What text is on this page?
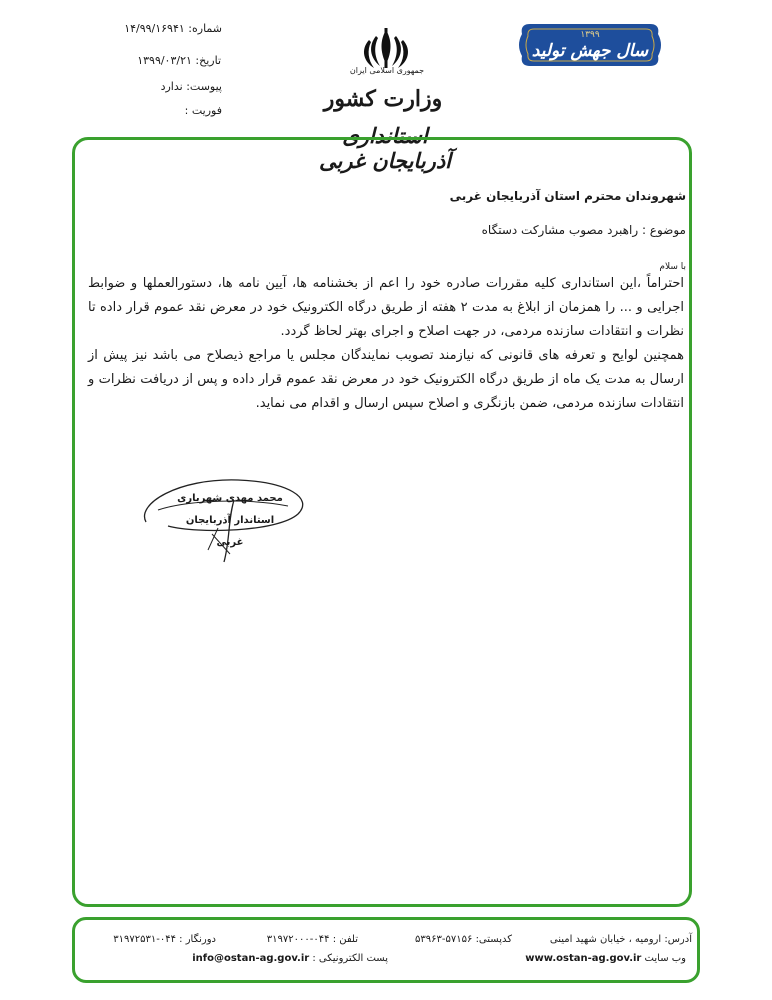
شماره: ۱۴/۹۹/۱۶۹۴۱
تاریخ: ۱۳۹۹/۰۳/۲۱
پیوست: ندارد
فوریت :
جمهوری اسلامی ایران
وزارت کشور
استانداری آذربایجان غربی
۱۳۹۹
سال جهش تولید
شهروندان محترم استان آذربایجان غربی
موضوع : راهبرد مصوب مشارکت دستگاه
با سلام
احتراماً ،این استانداری کلیه مقررات صادره خود را اعم از بخشنامه ها، آیین نامه ها، دستورالعملها و ضوابط اجرایی و ... را همزمان از ابلاغ به مدت ۲ هفته از طریق درگاه الکترونیک خود در معرض نقد عموم قرار داده تا نظرات و انتقادات سازنده مردمی، در جهت اصلاح و اجرای بهتر لحاظ گردد.
همچنین لوایح و تعرفه های قانونی که نیازمند تصویب نمایندگان مجلس یا مراجع ذیصلاح می باشد نیز پیش از ارسال به مدت یک ماه از طریق درگاه الکترونیک خود در معرض نقد عموم قرار داده و پس از دریافت نظرات و انتقادات سازنده مردمی، ضمن بازنگری و اصلاح سپس ارسال و اقدام می نماید.
محمد مهدی شهریاری
استاندار آذربایجان غربی
آدرس: ارومیه ، خیابان شهید امینی
کدپستی: ۵۷۱۵۶-۵۳۹۶۳
تلفن : ۰۴۴-۳۱۹۷۲۰۰۰
دورنگار : ۰۴۴-۳۱۹۷۲۵۳۱
وب سایت www.ostan-ag.gov.ir
پست الکترونیکی : info@ostan-ag.gov.ir
